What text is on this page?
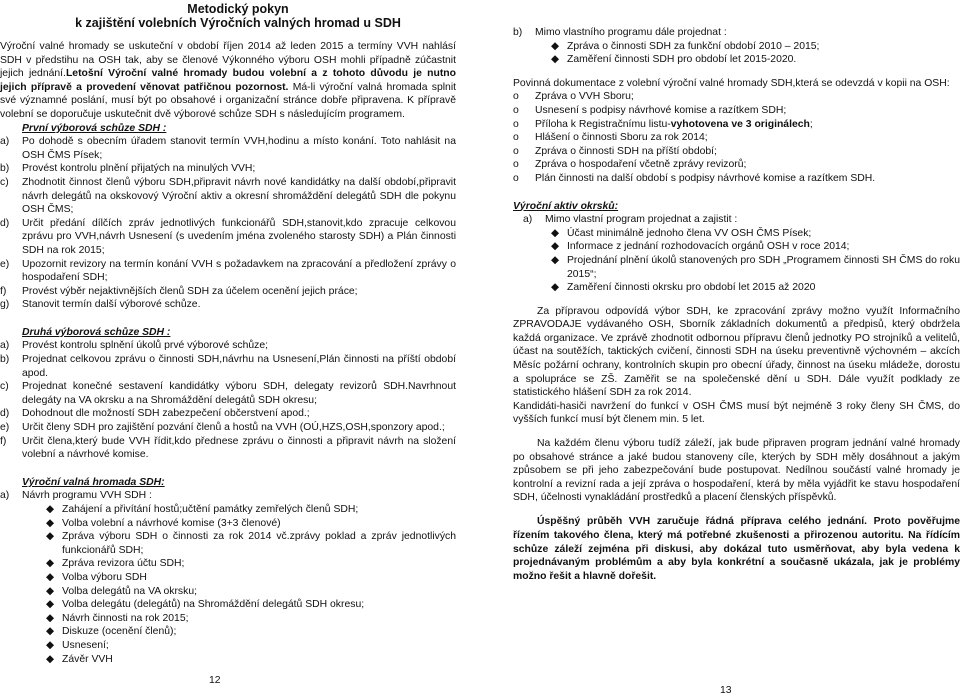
Metodický pokyn
k zajištění volebních Výročních valných hromad u SDH

Výroční valné hromady se uskuteční v období říjen 2014 až leden 2015 a termíny VVH nahlásí SDH v předstihu na OSH tak, aby se členové Výkonného výboru OSH mohli případně zúčastnit jejich jednání.Letošní Výroční valné hromady budou volební a z tohoto důvodu je nutno jejich přípravě a provedení věnovat patřičnou pozornost. Má-li výroční valná hromada splnit své významné poslání, musí být po obsahové i organizační stránce dobře připravena. K přípravě volební se doporučuje uskutečnit dvě výborové schůze SDH s následujícím programem.

První výborová schůze SDH :
a)	Po dohodě s obecním úřadem stanovit termín VVH,hodinu a místo konání. Toto nahlásit na OSH ČMS Písek;
b)	Provést kontrolu plnění přijatých na minulých VVH;
c)	Zhodnotit činnost členů výboru SDH,připravit návrh nové kandidátky na další období,připravit návrh delegátů na okskovový Výroční aktiv a okresní shromáždění delegátů SDH dle pokynu OSH ČMS;
d)	Určit předání dílčích zpráv jednotlivých funkcionářů SDH,stanovit,kdo zpracuje celkovou zprávu pro VVH,návrh Usnesení (s uvedením jména zvoleného starosty SDH) a Plán činnosti SDH na rok 2015;
e)	Upozornit revizory na termín konání VVH s požadavkem na zpracování a předložení zprávy o hospodaření SDH;
f)	Provést výběr nejaktivnějších členů SDH za účelem ocenění jejich práce;
g)	Stanovit termín další výborové schůze.
Druhá výborová schůze SDH :
a)	Provést kontrolu splnění úkolů prvé výborové schůze;
b)	Projednat celkovou zprávu o činnosti SDH,návrhu na Usnesení,Plán činnosti na příští období apod.
c)	Projednat konečné sestavení kandidátky výboru SDH, delegaty revizorů SDH.Navrhnout delegáty na VA okrsku a na Shromáždění delegátů SDH okresu;
d)	Dohodnout dle možností SDH zabezpečení občerstvení apod.;
e)	Určit členy SDH pro zajištění pozvání členů a hostů na VVH (OÚ,HZS,OSH,sponzory apod.;
f)	Určit člena,který bude VVH řídit,kdo přednese zprávu o činnosti a připravit návrh na složení volební a návrhové komise.
Výroční valná hromada SDH:
a)	Návrh programu VVH SDH :
◆ Zahájení a přivítání hostů;učtění památky zemřelých členů SDH;
◆ Volba volební a návrhové komise (3+3 členové)
◆ Zpráva výboru SDH o činnosti za rok 2014 vč.zprávy poklad a zpráv jednotlivých funkcionářů SDH;
◆ Zpráva revizora účtu SDH;
◆ Volba výboru SDH
◆ Volba delegátů na VA okrsku;
◆ Volba delegátu (delegátů) na Shromáždění delegátů SDH okresu;
◆ Návrh činnosti na rok 2015;
◆ Diskuze (ocenění členů);
◆ Usnesení;
◆ Závěr VVH
12
b)	Mimo vlastního programu dále projednat :
◆ Zpráva o činnosti SDH za funkční období 2010 – 2015;
◆ Zaměření činnosti SDH pro období let 2015-2020.

Povinná dokumentace z volební výroční valné hromady SDH,která se odevzdá v kopii na OSH:

o	Zpráva o VVH Sboru;
o	Usnesení s podpisy návrhové komise a razítkem SDH;
o	Příloha k Registračnímu listu-vyhotovena ve 3 originálech;
o	Hlášení o činnosti Sboru za rok 2014;
o	Zpráva o činnosti SDH na příští období;
o	Zpráva o hospodaření včetně zprávy revizorů;
o	Plán činnosti na další období s podpisy návrhové komise a razítkem SDH.
Výroční aktiv okrsků:
a)	Mimo vlastní program projednat a zajistit :
◆ Účast minimálně jednoho člena VV OSH ČMS Písek;
◆ Informace z jednání rozhodovacích orgánů OSH v roce 2014;
◆ Projednání plnění úkolů stanovených pro SDH „Programem činnosti SH ČMS do roku 2015“;
◆ Zaměření činnosti okrsku pro období let 2015 až 2020

Za přípravou odpovídá výbor SDH, ke zpracování zprávy možno využít Informačního ZPRAVODAJE vydávaného OSH, Sborník základních dokumentů a předpisů, který obdržela každá organizace. Ve zprávě zhodnotit odbornou přípravu členů jednotky PO stroјníků a velitelů, účast na soutěžích, taktických cvičení, činnosti SDH na úseku preventivně výchovném – akcích Měsíc požární ochrany, kontrolních skupin pro obecní úřady, činnost na úseku mládeže, dorostu a spolupráce se ZŠ. Zaměřit se na společenské dění u SDH. Dále využít podklady ze statistického hlášení SDH za rok 2014.

Kandidáti-hasiči navržení do funkcí v OSH ČMS musí být nejméně 3 roky členy SH ČMS, do vyšších funkcí musí být členem min. 5 let.

Na každém členu výboru tudíž záleží, jak bude připraven program jednání valné hromady po obsahové stránce a jaké budou stanoveny cíle, kterých by SDH měly dosáhnout a jakým způsobem se při jeho zabezpečování bude postupovat. Nedílnou součástí valné hromady je kontrolní a revizní rada a její zpráva o hospodaření, která by měla vyjádřit ke stavu hospodaření SDH, účelnosti vynakládání prostředků a placení členských příspěvků.

Úspěšný průběh VVH zaručuje řádná příprava celého jednání. Proto pověřujme řízením takového člena, který má potřebné zkušenosti a přirozenou autoritu. Na řídícím schůze záleží zejména při diskusi, aby dokázal tuto usměrňovat, aby byla vedena k projednávaným problémům a aby byla konkrétní a současně ukázala, jak je problémy možno řešit a hlavně dořešit.

13
